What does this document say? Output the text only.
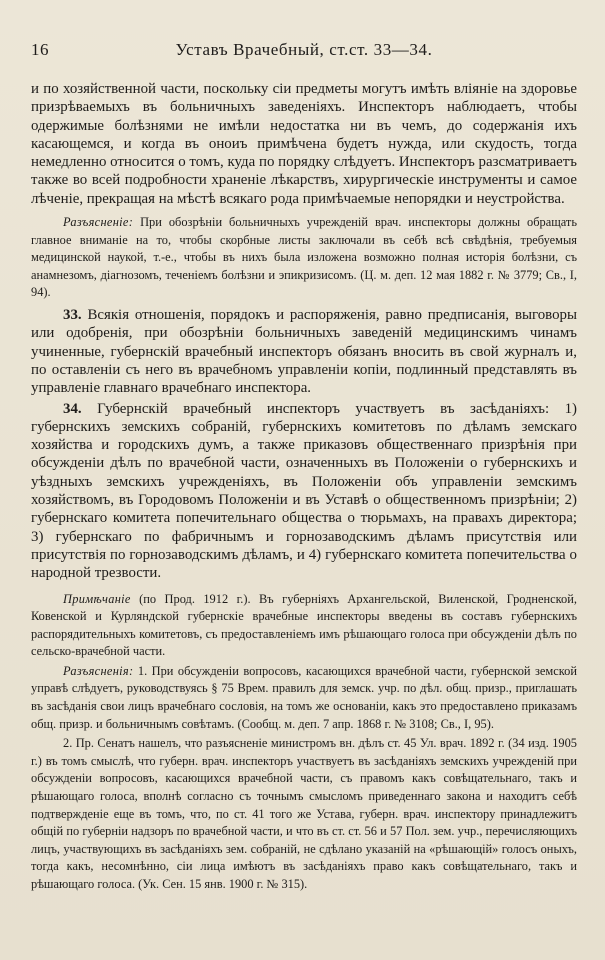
16	Уставъ Врачебный, ст.ст. 33—34.

и по хозяйственной части, поскольку сіи предметы могутъ имѣть вліяніе на здоровье призрѣваемыхъ въ больничныхъ заведеніяхъ. Инспекторъ наблюдаетъ, чтобы одержимые болѣзнями не имѣли недостатка ни въ чемъ, до содержанія ихъ касающемся, и когда въ оноиъ примѣчена будетъ нужда, или скудость, тогда немедленно относится о томъ, куда по порядку слѣдуетъ. Инспекторъ разсматриваетъ также во всей подробности храненіе лѣкарствъ, хирургическіе инструменты и самое лѣченіе, прекращая на мѣстѣ всякаго рода примѣчаемые непорядки и неустройства.

Разъясненіе: При обозрѣніи больничныхъ учрежденій врач. инспекторы должны обращать главное вниманіе на то, чтобы скорбные листы заключали въ себѣ всѣ свѣдѣнія, требуемыя медицинской наукой, т.-е., чтобы въ нихъ была изложена возможно полная исторія болѣзни, съ анамнезомъ, діагнозомъ, теченіемъ болѣзни и эпикризисомъ. (Ц. м. деп. 12 мая 1882 г. № 3779; Св., I, 94).

33. Всякія отношенія, порядокъ и распоряженія, равно предписанія, выговоры или одобренія, при обозрѣніи больничныхъ заведеній медицинскимъ чинамъ учиненные, губернскій врачебный инспекторъ обязанъ вносить въ свой журналъ и, по оставленіи съ него въ врачебномъ управленіи копіи, подлинный представлять въ управленіе главнаго врачебнаго инспектора.

34. Губернскій врачебный инспекторъ участвуетъ въ засѣданіяхъ: 1) губернскихъ земскихъ собраній, губернскихъ комитетовъ по дѣламъ земскаго хозяйства и городскихъ думъ, а также приказовъ общественнаго призрѣнія при обсужденіи дѣлъ по врачебной части, означенныхъ въ Положеніи о губернскихъ и уѣздныхъ земскихъ учрежденіяхъ, въ Положеніи объ управленіи земскимъ хозяйствомъ, въ Городовомъ Положеніи и въ Уставѣ о общественномъ призрѣніи; 2) губернскаго комитета попечительнаго общества о тюрьмахъ, на правахъ директора; 3) губернскаго по фабричнымъ и горнозаводскимъ дѣламъ присутствія или присутствія по горнозаводскимъ дѣламъ, и 4) губернскаго комитета попечительства о народной трезвости.

Примѣчаніе (по Прод. 1912 г.). Въ губерніяхъ Архангельской, Виленской, Гродненской, Ковенской и Курляндской губернскіе врачебные инспекторы введены въ составъ губернскихъ распорядительныхъ комитетовъ, съ предоставленіемъ имъ рѣшающаго голоса при обсужденіи дѣлъ по сельско-врачебной части.

Разъясненія: 1. При обсужденіи вопросовъ, касающихся врачебной части, губернской земской управѣ слѣдуетъ, руководствуясь § 75 Врем. правилъ для земск. учр. по дѣл. общ. призр., приглашать въ засѣданія свои лицъ врачебнаго сословія, на томъ же основаніи, какъ это предоставлено приказамъ общ. призр. и больничнымъ совѣтамъ. (Сообщ. м. деп. 7 апр. 1868 г. № 3108; Св., I, 95).

2. Пр. Сенатъ нашелъ, что разъясненіе министромъ вн. дѣлъ ст. 45 Ул. врач. 1892 г. (34 изд. 1905 г.) въ томъ смыслѣ, что губерн. врач. инспекторъ участвуетъ въ засѣданіяхъ земскихъ учрежденій при обсужденіи вопросовъ, касающихся врачебной части, съ правомъ какъ совѣщательнаго, такъ и рѣшающаго голоса, вполнѣ согласно съ точнымъ смысломъ приведеннаго закона и находитъ себѣ подтвержденіе еще въ томъ, что, по ст. 41 того же Устава, губерн. врач. инспектору принадлежитъ общій по губерніи надзоръ по врачебной части, и что въ ст. ст. 56 и 57 Пол. зем. учр., перечисляющихъ лицъ, участвующихъ въ засѣданіяхъ зем. собраній, не сдѣлано указаній на «рѣшающій» голосъ оныхъ, тогда какъ, несомнѣнно, сіи лица имѣютъ въ засѣданіяхъ право какъ совѣщательнаго, такъ и рѣшающаго голоса. (Ук. Сен. 15 янв. 1900 г. № 315).
